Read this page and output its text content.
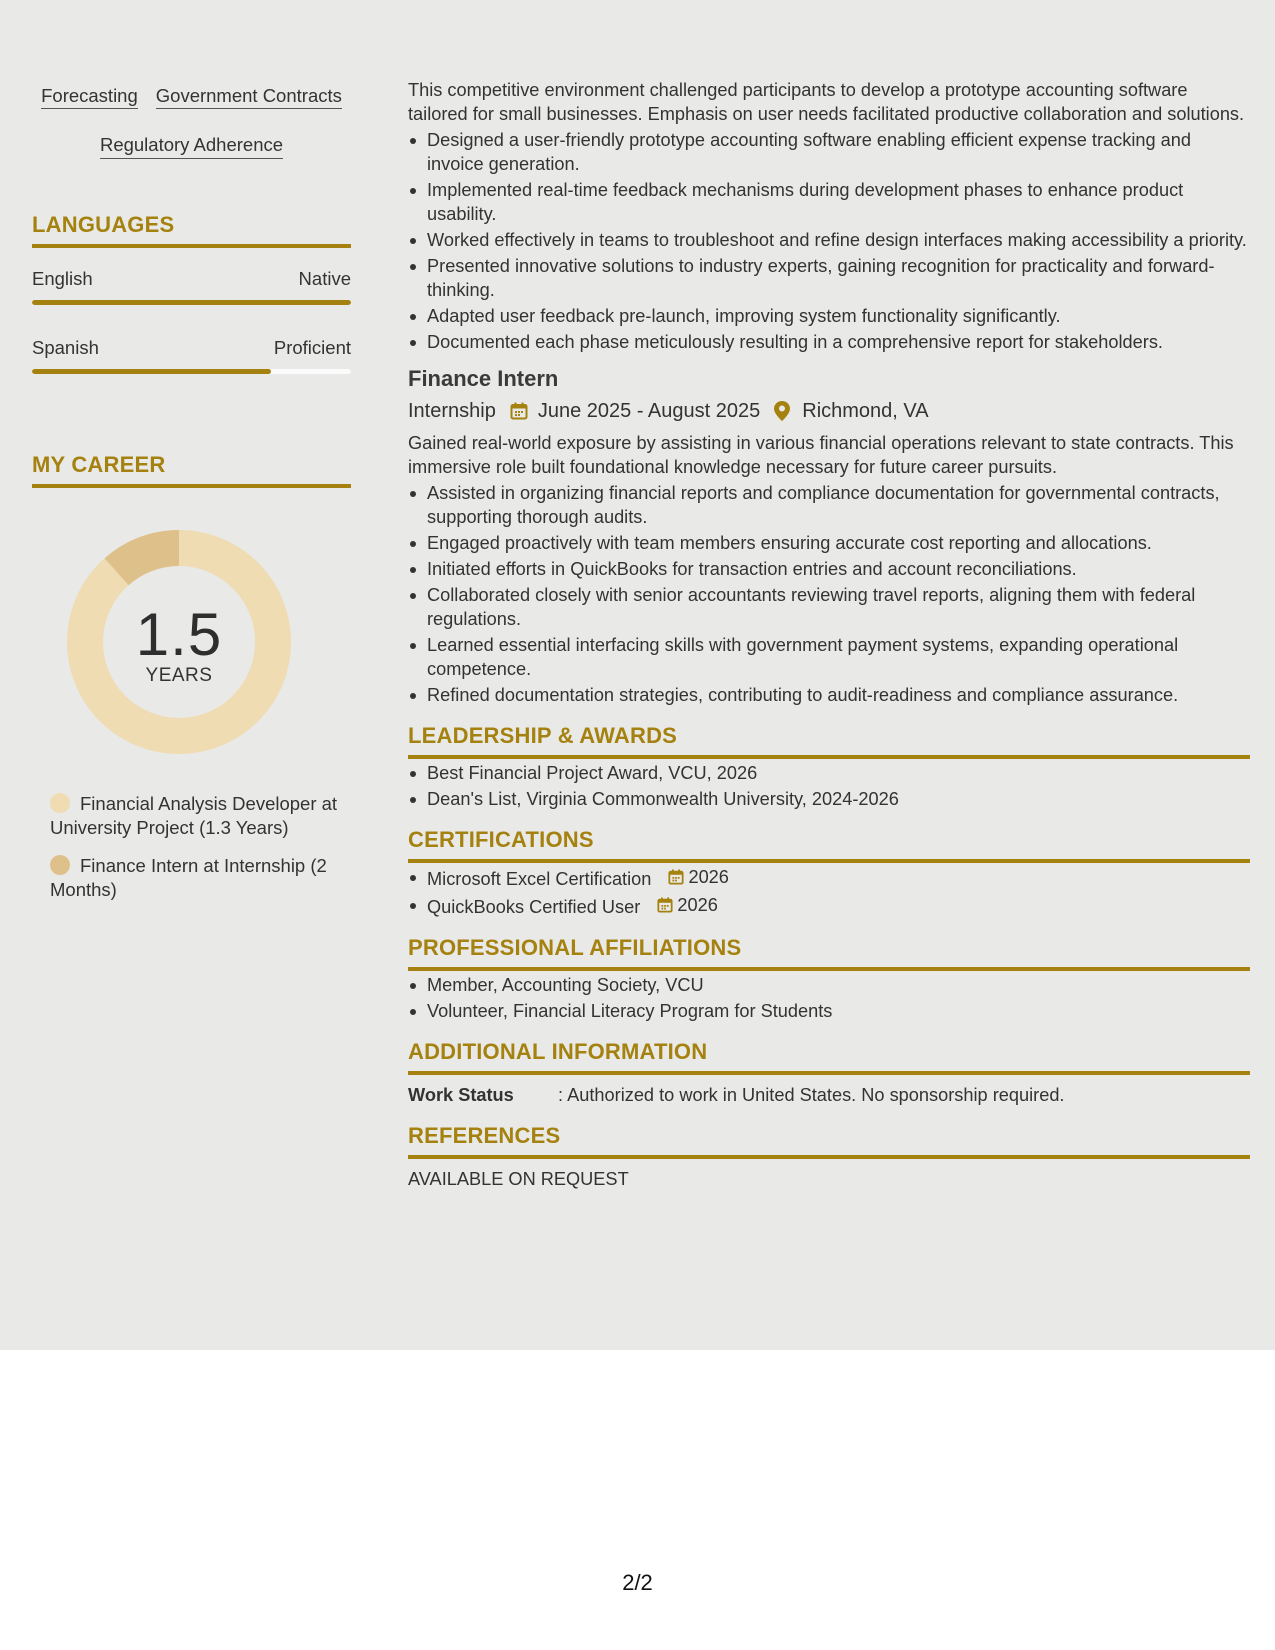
Forecasting Government Contracts
Regulatory Adherence
LANGUAGES
English	Native
Spanish	Proficient
MY CAREER
1.5
YEARS
Financial Analysis Developer at University Project (1.3 Years)
Finance Intern at Internship (2 Months)

This competitive environment challenged participants to develop a prototype accounting software tailored for small businesses. Emphasis on user needs facilitated productive collaboration and solutions.

Designed a user-friendly prototype accounting software enabling efficient expense tracking and invoice generation.
Implemented real-time feedback mechanisms during development phases to enhance product usability.
Worked effectively in teams to troubleshoot and refine design interfaces making accessibility a priority.
Presented innovative solutions to industry experts, gaining recognition for practicality and forward-thinking.
Adapted user feedback pre-launch, improving system functionality significantly.
Documented each phase meticulously resulting in a comprehensive report for stakeholders.
Finance Intern
Internship June 2025 - August 2025 Richmond, VA

Gained real-world exposure by assisting in various financial operations relevant to state contracts. This immersive role built foundational knowledge necessary for future career pursuits.

Assisted in organizing financial reports and compliance documentation for governmental contracts, supporting thorough audits.
Engaged proactively with team members ensuring accurate cost reporting and allocations.
Initiated efforts in QuickBooks for transaction entries and account reconciliations.
Collaborated closely with senior accountants reviewing travel reports, aligning them with federal regulations.
Learned essential interfacing skills with government payment systems, expanding operational competence.
Refined documentation strategies, contributing to audit-readiness and compliance assurance.
LEADERSHIP & AWARDS
Best Financial Project Award, VCU, 2026
Dean's List, Virginia Commonwealth University, 2024-2026
CERTIFICATIONS
Microsoft Excel Certification 2026
QuickBooks Certified User 2026
PROFESSIONAL AFFILIATIONS
Member, Accounting Society, VCU
Volunteer, Financial Literacy Program for Students
ADDITIONAL INFORMATION
Work Status	: Authorized to work in United States. No sponsorship required.
REFERENCES
AVAILABLE ON REQUEST
2/2
